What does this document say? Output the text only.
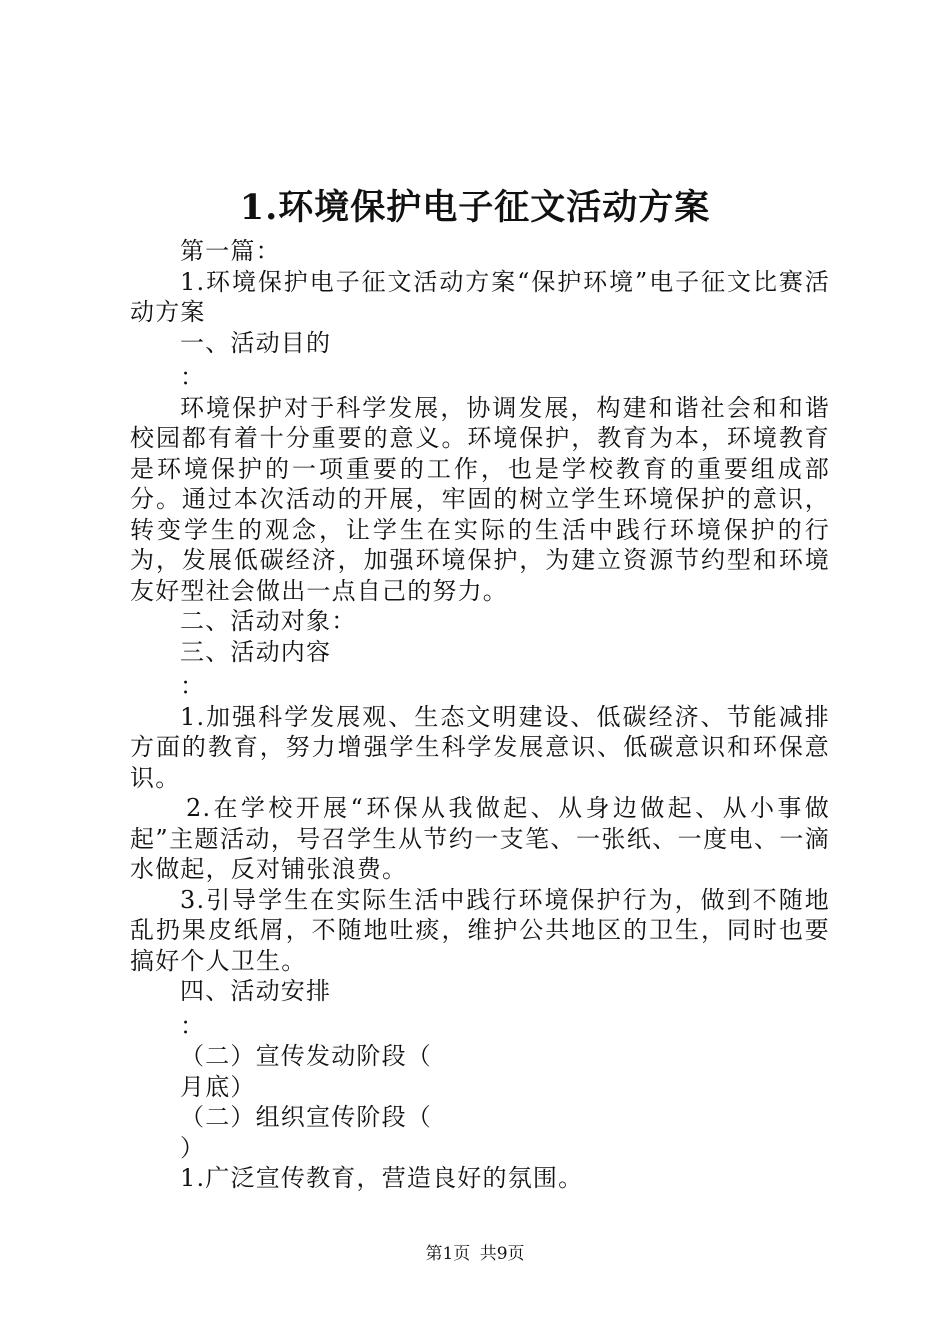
1.环境保护电子征文活动方案

第一篇：

1.环境保护电子征文活动方案“保护环境”电子征文比赛活动方案

一、活动目的

：

环境保护对于科学发展，协调发展，构建和谐社会和和谐校园都有着十分重要的意义。环境保护，教育为本，环境教育是环境保护的一项重要的工作，也是学校教育的重要组成部分。通过本次活动的开展，牢固的树立学生环境保护的意识，转变学生的观念，让学生在实际的生活中践行环境保护的行为，发展低碳经济，加强环境保护，为建立资源节约型和环境友好型社会做出一点自己的努力。

二、活动对象：

三、活动内容

：

1.加强科学发展观、生态文明建设、低碳经济、节能减排方面的教育，努力增强学生科学发展意识、低碳意识和环保意识。

2.在学校开展“环保从我做起、从身边做起、从小事做起”主题活动，号召学生从节约一支笔、一张纸、一度电、一滴水做起，反对铺张浪费。

3.引导学生在实际生活中践行环境保护行为，做到不随地乱扔果皮纸屑，不随地吐痰，维护公共地区的卫生，同时也要搞好个人卫生。

四、活动安排

：

（二）宣传发动阶段（

月底）

（二）组织宣传阶段（

）

1.广泛宣传教育，营造良好的氛围。

第1页 共9页
